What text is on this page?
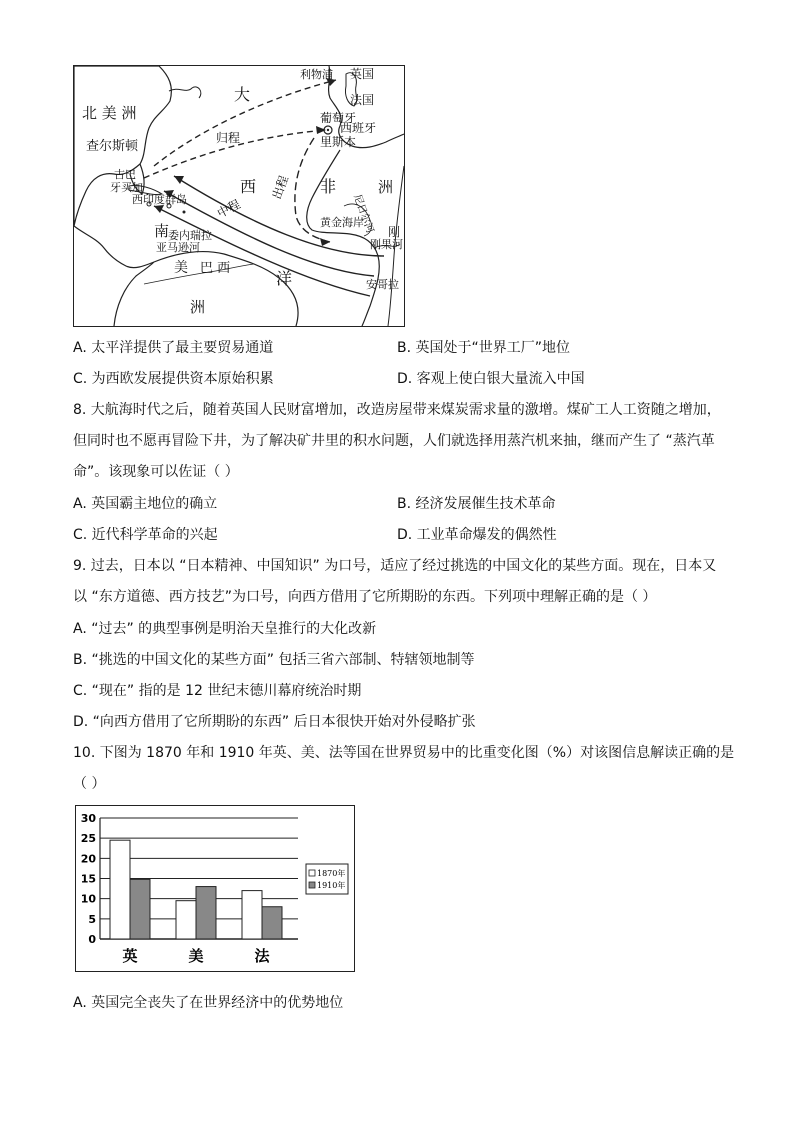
北 美 洲
大
查尔斯顿
古巴
牙买加
西印度群岛
西
委内瑞拉
亚马逊河
南
美 巴 西
洲
洋
利物浦 英国
法国
葡萄牙
西班牙
里斯本
非	洲
尼日尔河
黄金海岸
刚果河
刚
安哥拉
归程
出程
中程
A. 太平洋提供了最主要贸易通道	B. 英国处于“世界工厂”地位
C. 为西欧发展提供资本原始积累	D. 客观上使白银大量流入中国
8. 大航海时代之后，随着英国人民财富增加，改造房屋带来煤炭需求量的激增。煤矿工人工资随之增加，
但同时也不愿再冒险下井，为了解决矿井里的积水问题，人们就选择用蒸汽机来抽，继而产生了 “蒸汽革
命”。该现象可以佐证（ ）
A. 英国霸主地位的确立	B. 经济发展催生技术革命
C. 近代科学革命的兴起	D. 工业革命爆发的偶然性
9. 过去，日本以 “日本精神、中国知识” 为口号，适应了经过挑选的中国文化的某些方面。现在，日本又
以 “东方道德、西方技艺”为口号，向西方借用了它所期盼的东西。下列项中理解正确的是（ ）
A. “过去” 的典型事例是明治天皇推行的大化改新
B. “挑选的中国文化的某些方面” 包括三省六部制、特辖领地制等
C. “现在” 指的是 12 世纪末德川幕府统治时期
D. “向西方借用了它所期盼的东西” 后日本很快开始对外侵略扩张
10. 下图为 1870 年和 1910 年英、美、法等国在世界贸易中的比重变化图（%）对该图信息解读正确的是
（ ）
0
5
10
15
20
25
30
英	美	法
1870年
1910年
A. 英国完全丧失了在世界经济中的优势地位
